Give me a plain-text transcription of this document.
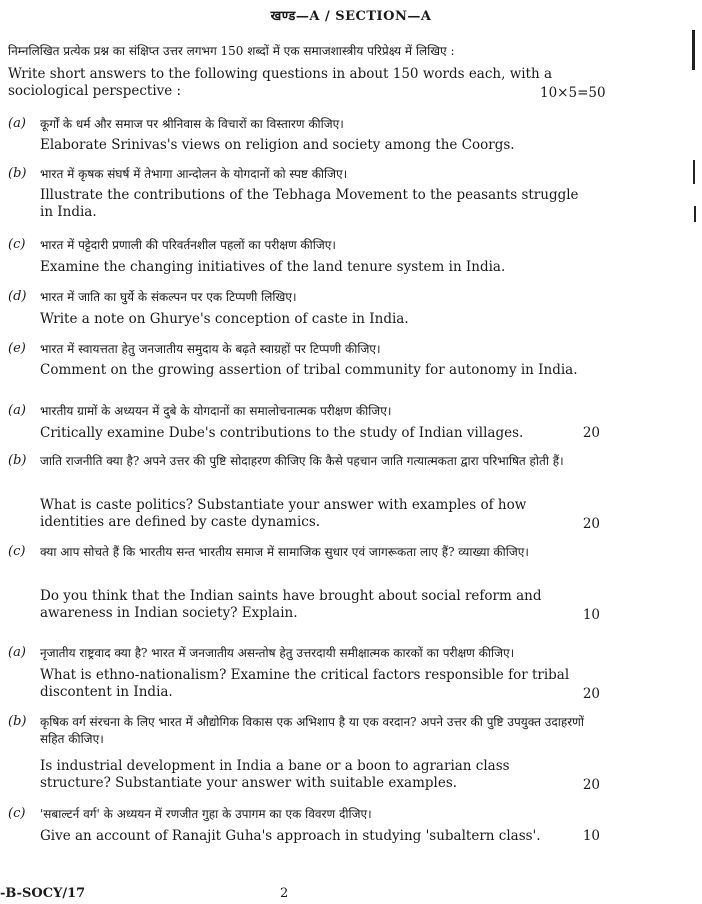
खण्ड—A / SECTION—A
निम्नलिखित प्रत्येक प्रश्न का संक्षिप्त उत्तर लगभग 150 शब्दों में एक समाजशास्त्रीय परिप्रेक्ष्य में लिखिए :
Write short answers to the following questions in about 150 words each, with a sociological perspective :	10×5=50
(a) कूर्गों के धर्म और समाज पर श्रीनिवास के विचारों का विस्तारण कीजिए।
Elaborate Srinivas's views on religion and society among the Coorgs.
(b) भारत में कृषक संघर्ष में तेभागा आन्दोलन के योगदानों को स्पष्ट कीजिए।
Illustrate the contributions of the Tebhaga Movement to the peasants struggle in India.
(c) भारत में पट्टेदारी प्रणाली की परिवर्तनशील पहलों का परीक्षण कीजिए।
Examine the changing initiatives of the land tenure system in India.
(d) भारत में जाति का घुर्ये के संकल्पन पर एक टिप्पणी लिखिए।
Write a note on Ghurye's conception of caste in India.
(e) भारत में स्वायत्तता हेतु जनजातीय समुदाय के बढ़ते स्वाग्रहों पर टिप्पणी कीजिए।
Comment on the growing assertion of tribal community for autonomy in India.
(a) भारतीय ग्रामों के अध्ययन में दुबे के योगदानों का समालोचनात्मक परीक्षण कीजिए।
Critically examine Dube's contributions to the study of Indian villages.	20
(b) जाति राजनीति क्या है? अपने उत्तर की पुष्टि सोदाहरण कीजिए कि कैसे पहचान जाति गत्यात्मकता द्वारा परिभाषित होती हैं।
What is caste politics? Substantiate your answer with examples of how identities are defined by caste dynamics.	20
(c) क्या आप सोचते हैं कि भारतीय सन्त भारतीय समाज में सामाजिक सुधार एवं जागरूकता लाए हैं? व्याख्या कीजिए।
Do you think that the Indian saints have brought about social reform and awareness in Indian society? Explain.	10
(a) नृजातीय राष्ट्रवाद क्या है? भारत में जनजातीय असन्तोष हेतु उत्तरदायी समीक्षात्मक कारकों का परीक्षण कीजिए।
What is ethno-nationalism? Examine the critical factors responsible for tribal discontent in India.	20
(b) कृषिक वर्ग संरचना के लिए भारत में औद्योगिक विकास एक अभिशाप है या एक वरदान? अपने उत्तर की पुष्टि उपयुक्त उदाहरणों सहित कीजिए।
Is industrial development in India a bane or a boon to agrarian class structure? Substantiate your answer with suitable examples.	20
(c) 'सबाल्टर्न वर्ग' के अध्ययन में रणजीत गुहा के उपागम का एक विवरण दीजिए।
Give an account of Ranajit Guha's approach in studying 'subaltern class'.	10
-B-SOCY/17	2
